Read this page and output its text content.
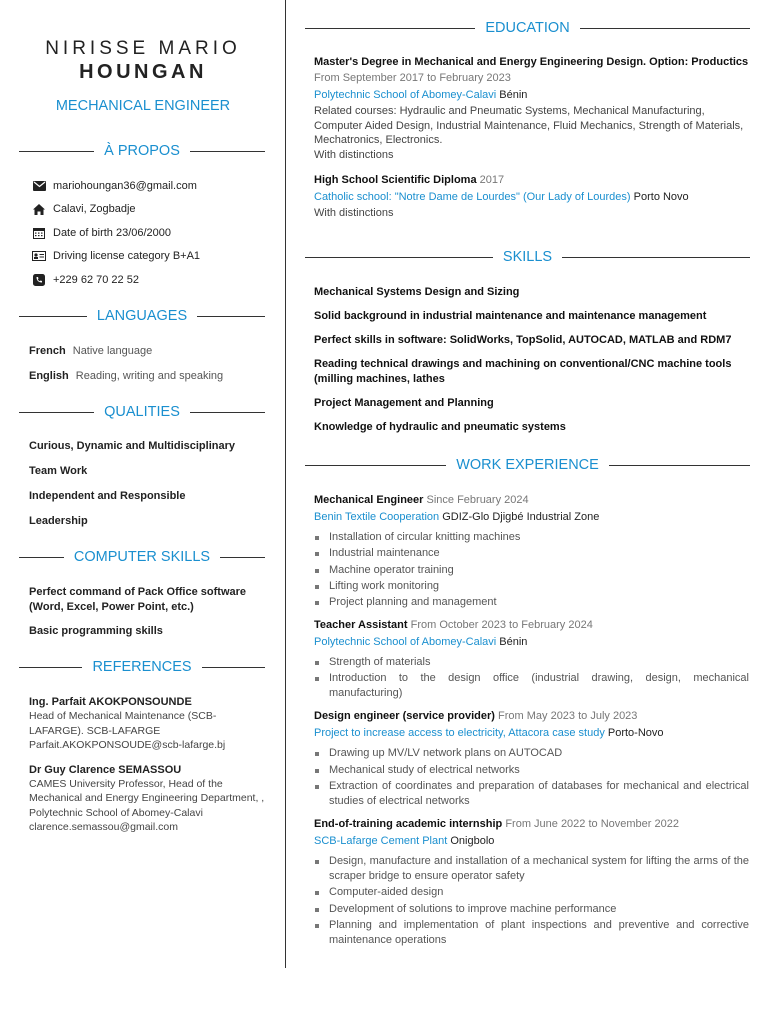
NIRISSE MARIO
HOUNGAN
MECHANICAL ENGINEER
À PROPOS
mariohoungan36@gmail.com
Calavi, Zogbadje
Date of birth 23/06/2000
Driving license category B+A1
+229 62 70 22 52
LANGUAGES
French Native language
English Reading, writing and speaking
QUALITIES
Curious, Dynamic and Multidisciplinary
Team Work
Independent and Responsible
Leadership
COMPUTER SKILLS
Perfect command of Pack Office software (Word, Excel, Power Point, etc.)
Basic programming skills
REFERENCES
Ing. Parfait AKOKPONSOUNDE
Head of Mechanical Maintenance (SCB-LAFARGE). SCB-LAFARGE
Parfait.AKOKPONSOUDE@scb-lafarge.bj
Dr Guy Clarence SEMASSOU
CAMES University Professor, Head of the Mechanical and Energy Engineering Department, , Polytechnic School of Abomey-Calavi
clarence.semassou@gmail.com
EDUCATION
Master's Degree in Mechanical and Energy Engineering Design. Option: Productics
From September 2017 to February 2023
Polytechnic School of Abomey-Calavi Bénin
Related courses: Hydraulic and Pneumatic Systems, Mechanical Manufacturing, Computer Aided Design, Industrial Maintenance, Fluid Mechanics, Strength of Materials, Mechatronics, Electronics.
With distinctions
High School Scientific Diploma 2017
Catholic school: "Notre Dame de Lourdes" (Our Lady of Lourdes) Porto Novo
With distinctions
SKILLS
Mechanical Systems Design and Sizing
Solid background in industrial maintenance and maintenance management
Perfect skills in software: SolidWorks, TopSolid, AUTOCAD, MATLAB and RDM7
Reading technical drawings and machining on conventional/CNC machine tools (milling machines, lathes
Project Management and Planning
Knowledge of hydraulic and pneumatic systems
WORK EXPERIENCE
Mechanical Engineer Since February 2024
Benin Textile Cooperation GDIZ-Glo Djigbé Industrial Zone
Installation of circular knitting machines
Industrial maintenance
Machine operator training
Lifting work monitoring
Project planning and management
Teacher Assistant From October 2023 to February 2024
Polytechnic School of Abomey-Calavi Bénin
Strength of materials
Introduction to the design office (industrial drawing, design, mechanical manufacturing)
Design engineer (service provider) From May 2023 to July 2023
Project to increase access to electricity, Attacora case study Porto-Novo
Drawing up MV/LV network plans on AUTOCAD
Mechanical study of electrical networks
Extraction of coordinates and preparation of databases for mechanical and electrical studies of electrical networks
End-of-training academic internship From June 2022 to November 2022
SCB-Lafarge Cement Plant Onigbolo
Design, manufacture and installation of a mechanical system for lifting the arms of the scraper bridge to ensure operator safety
Computer-aided design
Development of solutions to improve machine performance
Planning and implementation of plant inspections and preventive and corrective maintenance operations
